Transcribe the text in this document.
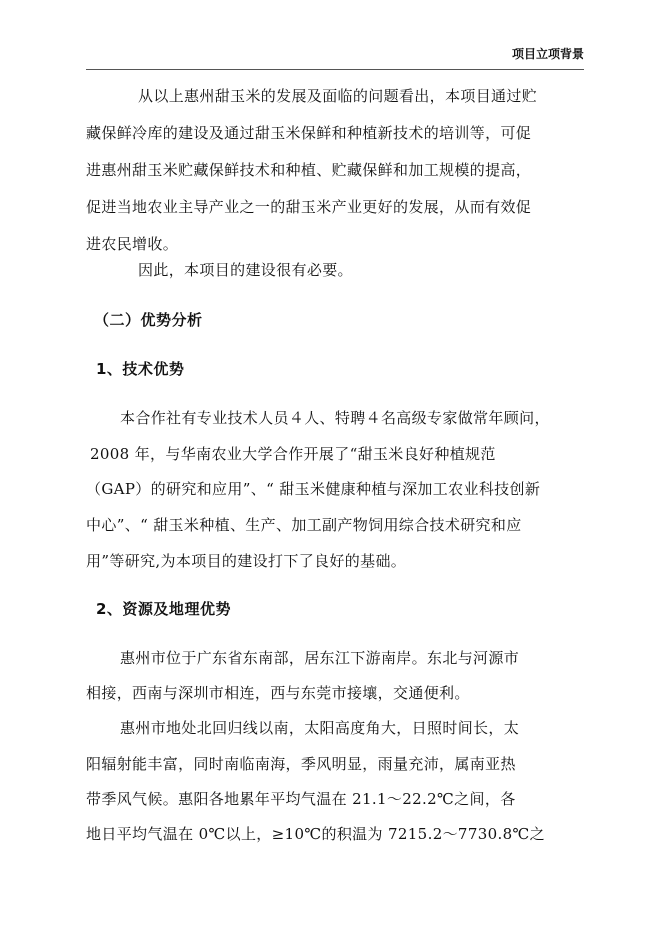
项目立项背景
从以上惠州甜玉米的发展及面临的问题看出，本项目通过贮
藏保鲜冷库的建设及通过甜玉米保鲜和种植新技术的培训等，可促
进惠州甜玉米贮藏保鲜技术和种植、贮藏保鲜和加工规模的提高，
促进当地农业主导产业之一的甜玉米产业更好的发展，从而有效促
进农民增收。
因此，本项目的建设很有必要。
（二）优势分析
1、技术优势
本合作社有专业技术人员４人、特聘４名高级专家做常年顾问，
2008 年，与华南农业大学合作开展了“甜玉米良好种植规范
（GAP）的研究和应用”、“ 甜玉米健康种植与深加工农业科技创新
中心”、“ 甜玉米种植、生产、加工副产物饲用综合技术研究和应
用”等研究,为本项目的建设打下了良好的基础。
2、资源及地理优势
惠州市位于广东省东南部，居东江下游南岸。东北与河源市
相接，西南与深圳市相连，西与东莞市接壤，交通便利。
惠州市地处北回归线以南，太阳高度角大，日照时间长，太
阳辐射能丰富，同时南临南海，季风明显，雨量充沛，属南亚热
带季风气候。惠阳各地累年平均气温在 21.1～22.2℃之间，各
地日平均气温在 0℃以上，≥10℃的积温为 7215.2～7730.8℃之
